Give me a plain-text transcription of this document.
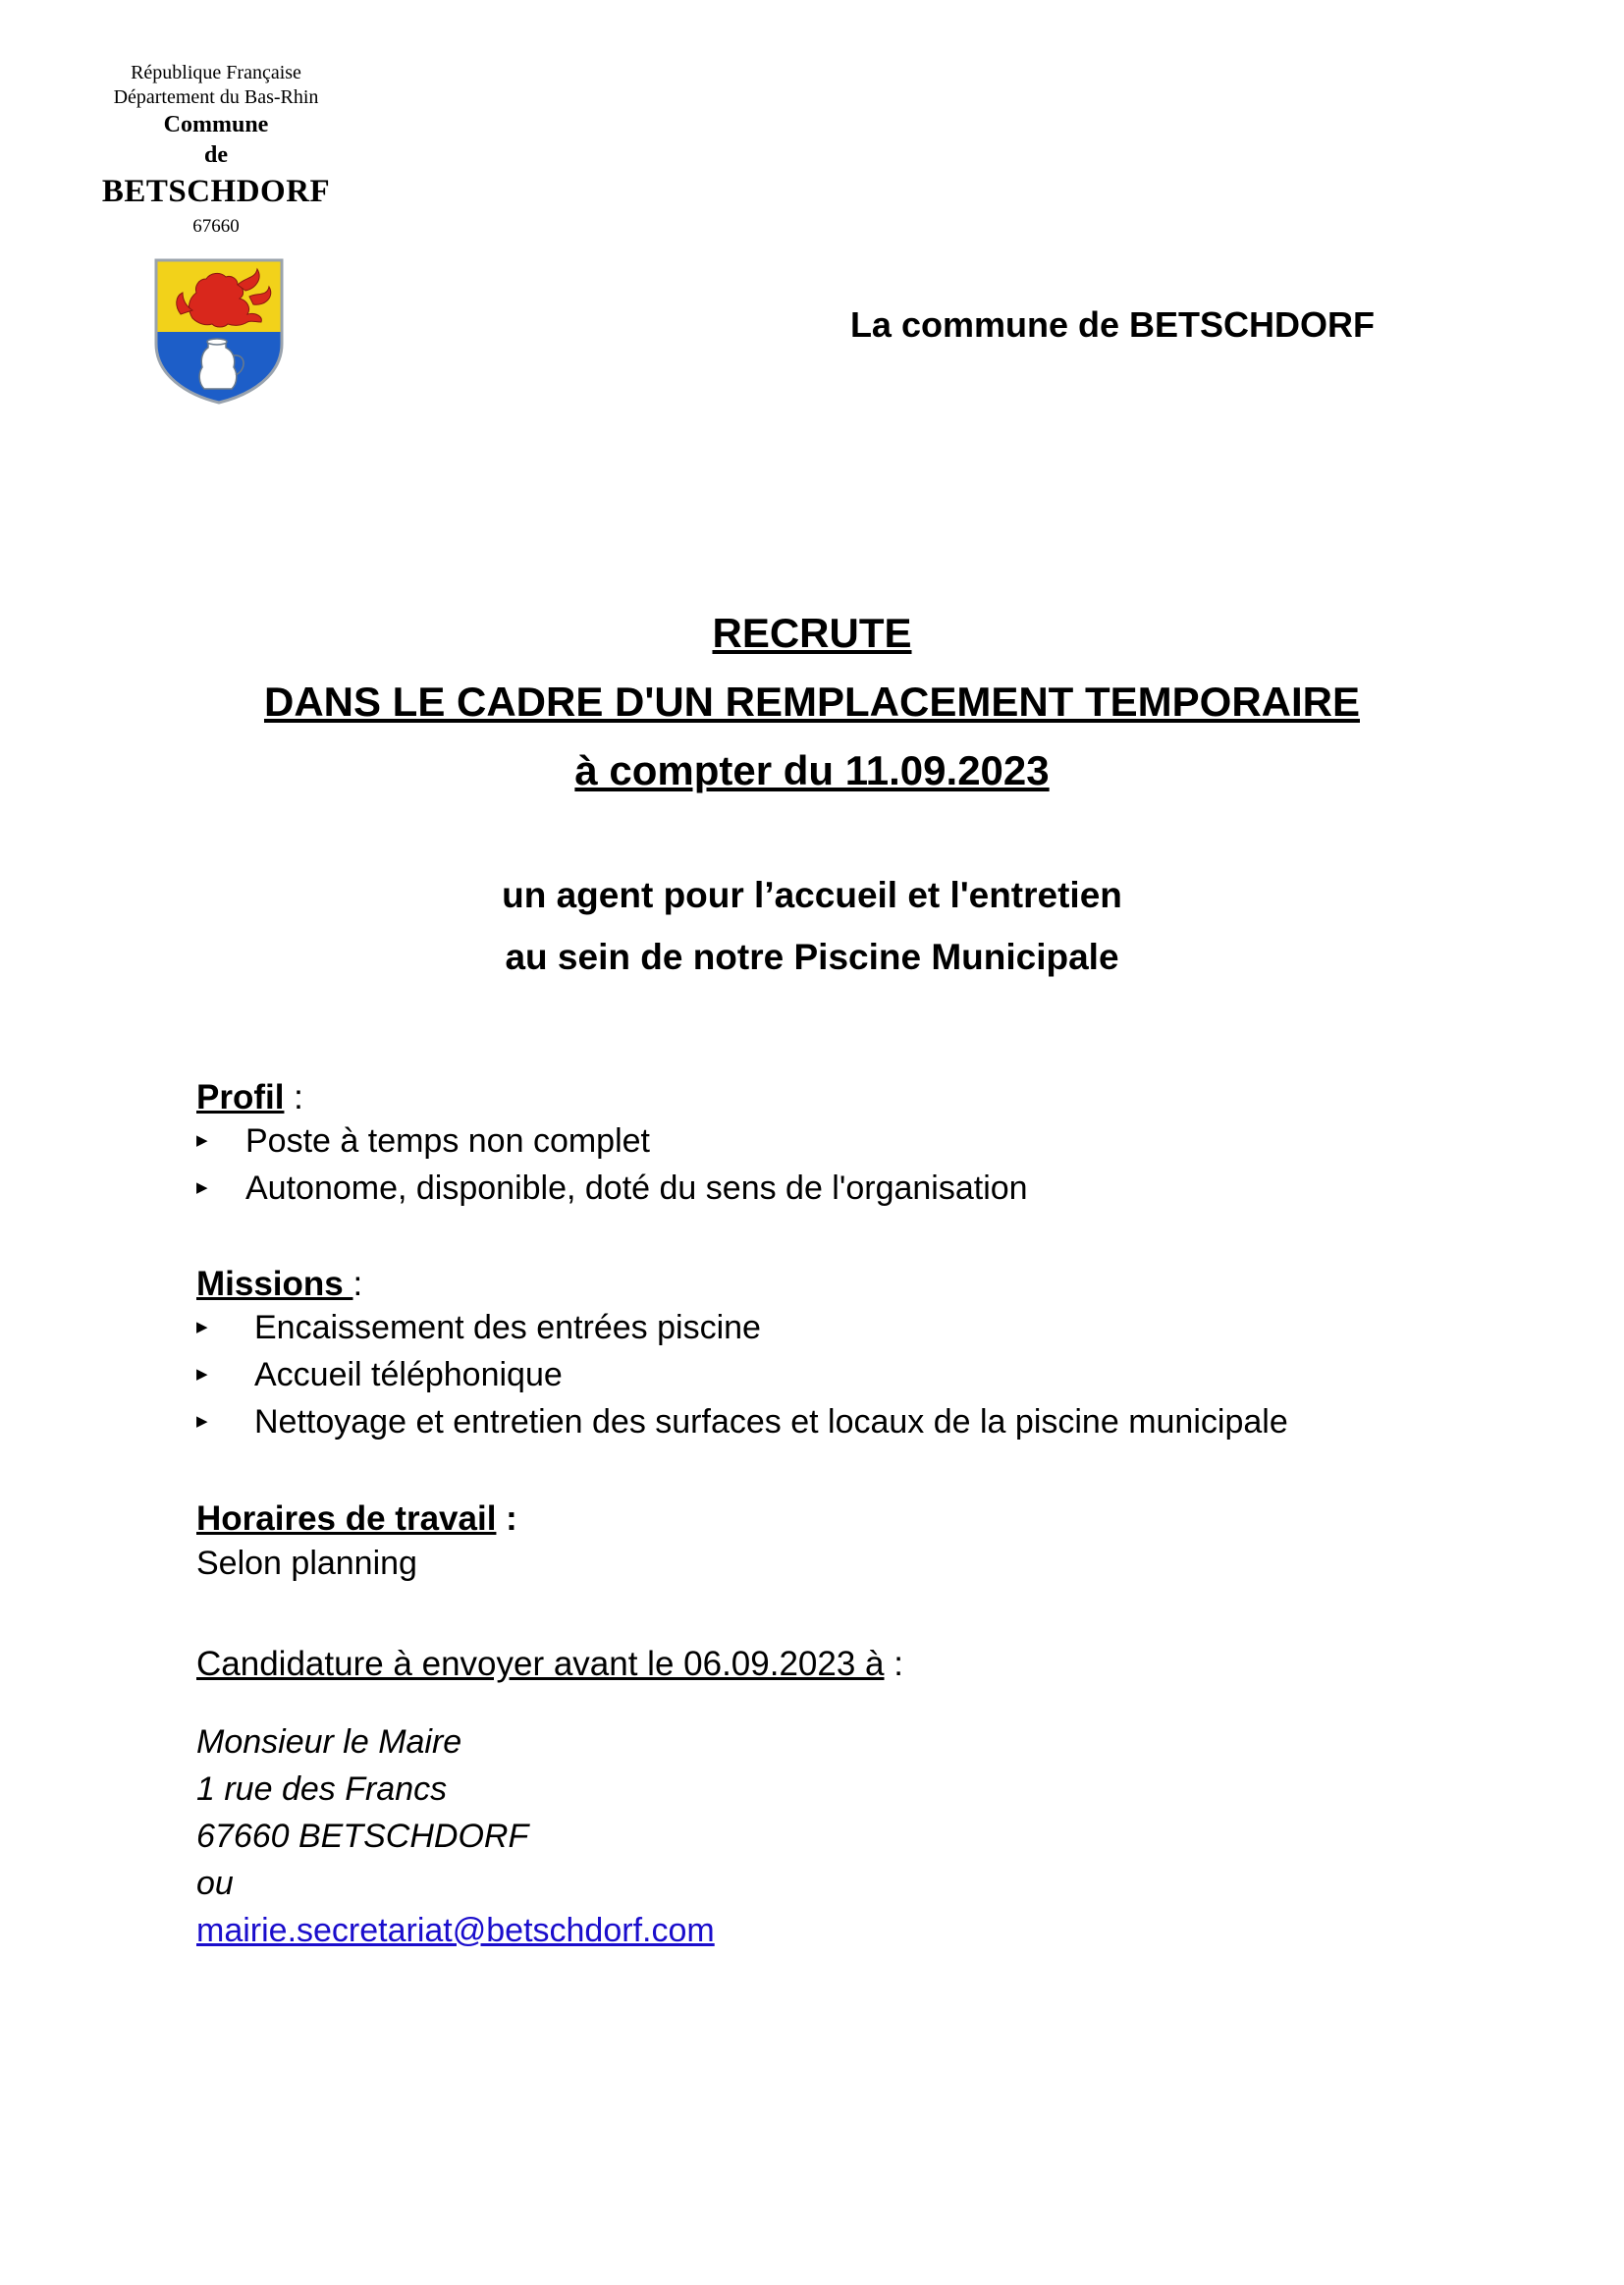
République Française
Département du Bas-Rhin
Commune
de
BETSCHDORF
67660
La commune de BETSCHDORF
RECRUTE
DANS LE CADRE D'UN REMPLACEMENT TEMPORAIRE
à compter du 11.09.2023
un agent pour l’accueil et l'entretien
au sein de notre Piscine Municipale
Profil :
▶ Poste à temps non complet
▶ Autonome, disponible, doté du sens de l'organisation
Missions :
▶ Encaissement des entrées piscine
▶ Accueil téléphonique
▶ Nettoyage et entretien des surfaces et locaux de la piscine municipale
Horaires de travail :
Selon planning
Candidature à envoyer avant le 06.09.2023 à :
Monsieur le Maire
1 rue des Francs
67660 BETSCHDORF
ou
mairie.secretariat@betschdorf.com
